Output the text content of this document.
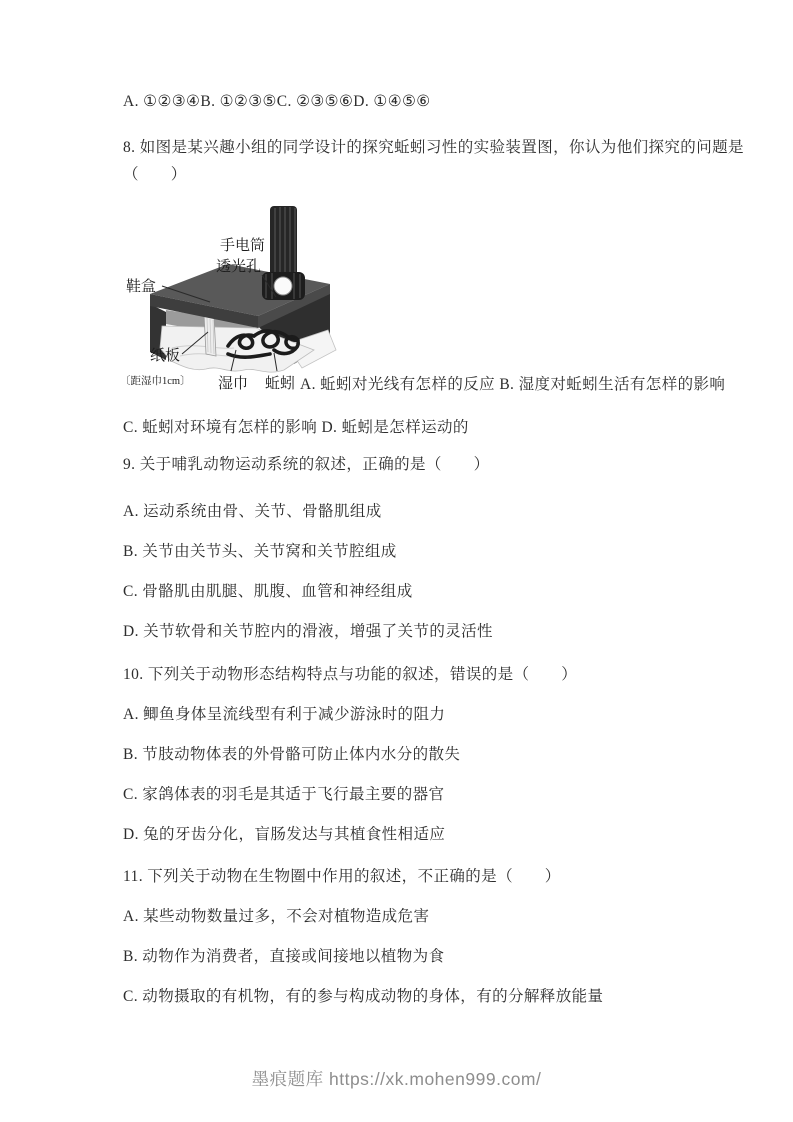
A. ①②③④B. ①②③⑤C. ②③⑤⑥D. ①④⑤⑥
8. 如图是某兴趣小组的同学设计的探究蚯蚓习性的实验装置图，你认为他们探究的问题是
（　　）
手电筒
透光孔
鞋盒
纸板
〔距湿巾1cm〕 湿巾 蚯蚓 A. 蚯蚓对光线有怎样的反应 B. 湿度对蚯蚓生活有怎样的影响
C. 蚯蚓对环境有怎样的影响 D. 蚯蚓是怎样运动的
9. 关于哺乳动物运动系统的叙述，正确的是（　　）
A. 运动系统由骨、关节、骨骼肌组成
B. 关节由关节头、关节窝和关节腔组成
C. 骨骼肌由肌腿、肌腹、血管和神经组成
D. 关节软骨和关节腔内的滑液，增强了关节的灵活性
10. 下列关于动物形态结构特点与功能的叙述，错误的是（　　）
A. 鲫鱼身体呈流线型有利于减少游泳时的阻力
B. 节肢动物体表的外骨骼可防止体内水分的散失
C. 家鸽体表的羽毛是其适于飞行最主要的器官
D. 兔的牙齿分化，盲肠发达与其植食性相适应
11. 下列关于动物在生物圈中作用的叙述，不正确的是（　　）
A. 某些动物数量过多，不会对植物造成危害
B. 动物作为消费者，直接或间接地以植物为食
C. 动物摄取的有机物，有的参与构成动物的身体，有的分解释放能量
墨痕题库 https://xk.mohen999.com/
